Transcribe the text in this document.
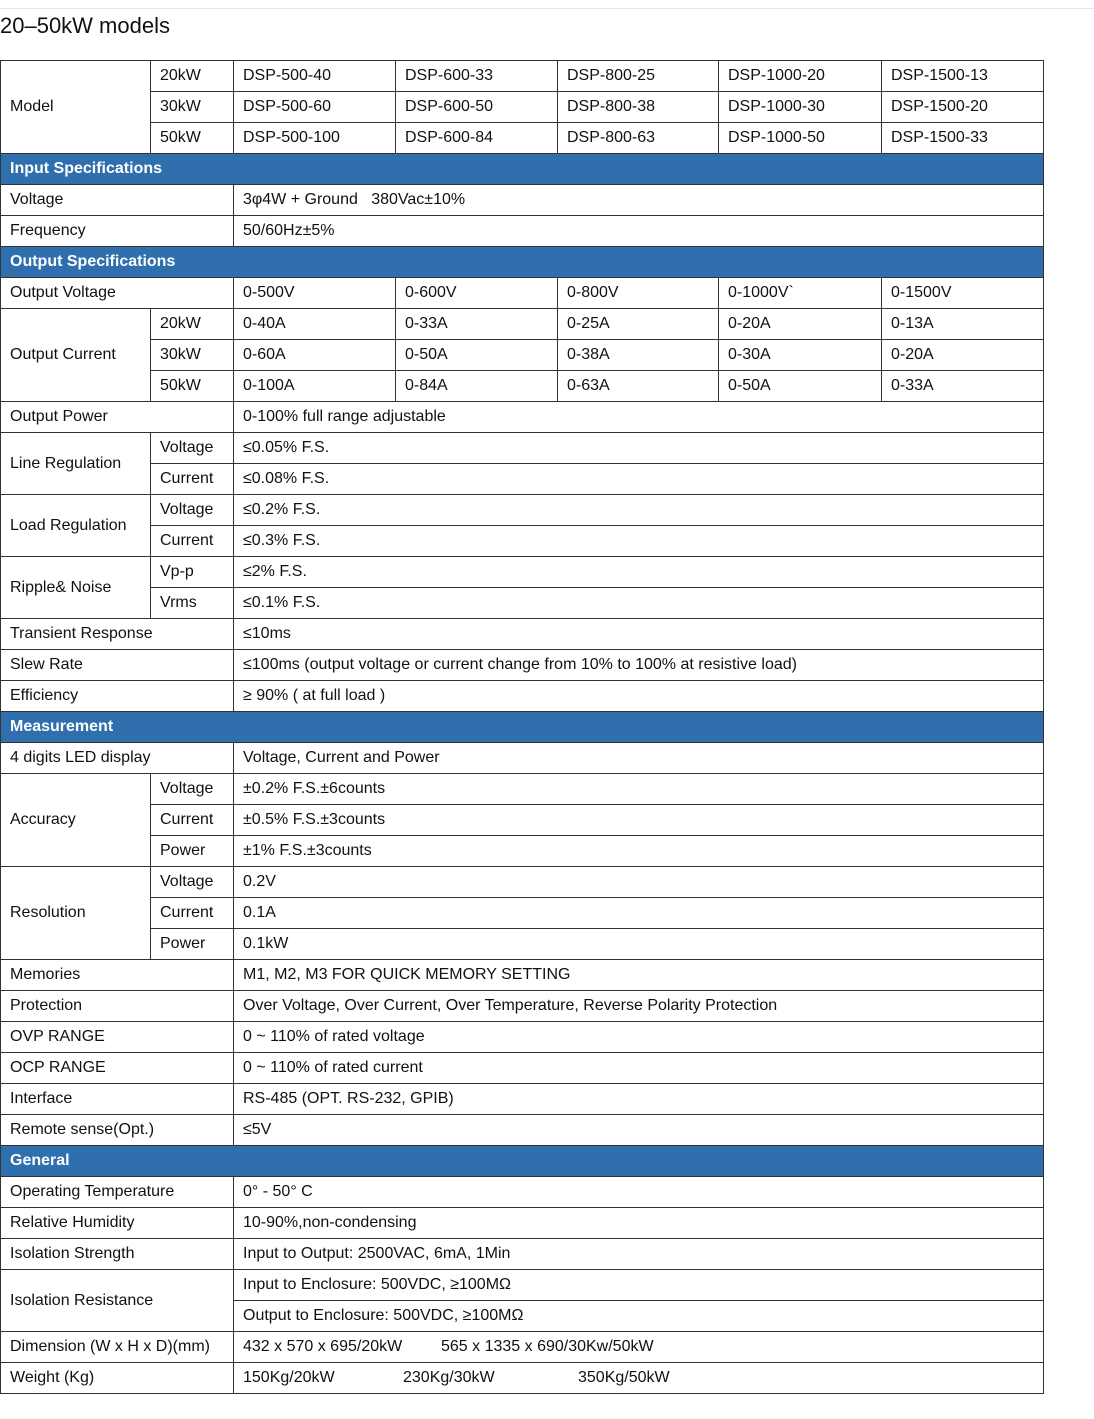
20–50kW models
Model	20kW	DSP-500-40	DSP-600-33	DSP-800-25	DSP-1000-20	DSP-1500-13
	30kW	DSP-500-60	DSP-600-50	DSP-800-38	DSP-1000-30	DSP-1500-20
	50kW	DSP-500-100	DSP-600-84	DSP-800-63	DSP-1000-50	DSP-1500-33
Input Specifications						
Voltage		3φ4W + Ground   380Vac±10%				
Frequency		50/60Hz±5%				
Output Specifications						
Output Voltage		0-500V	0-600V	0-800V	0-1000V`	0-1500V
Output Current	20kW	0-40A	0-33A	0-25A	0-20A	0-13A
	30kW	0-60A	0-50A	0-38A	0-30A	0-20A
	50kW	0-100A	0-84A	0-63A	0-50A	0-33A
Output Power		0-100% full range adjustable				
Line Regulation	Voltage	≤0.05% F.S.				
	Current	≤0.08% F.S.				
Load Regulation	Voltage	≤0.2% F.S.				
	Current	≤0.3% F.S.				
Ripple& Noise	Vp-p	≤2% F.S.				
	Vrms	≤0.1% F.S.				
Transient Response		≤10ms				
Slew Rate		≤100ms (output voltage or current change from 10% to 100% at resistive load)				
Efficiency		≥ 90% ( at full load )				
Measurement						
4 digits LED display		Voltage, Current and Power				
Accuracy	Voltage	±0.2% F.S.±6counts				
	Current	±0.5% F.S.±3counts				
	Power	±1% F.S.±3counts				
Resolution	Voltage	0.2V				
	Current	0.1A				
	Power	0.1kW				
Memories		M1, M2, M3 FOR QUICK MEMORY SETTING				
Protection		Over Voltage, Over Current, Over Temperature, Reverse Polarity Protection				
OVP RANGE		0 ~ 110% of rated voltage				
OCP RANGE		0 ~ 110% of rated current				
Interface		RS-485 (OPT. RS-232, GPIB)				
Remote sense(Opt.)		≤5V				
General						
Operating Temperature		0° - 50° C				
Relative Humidity		10-90%,non-condensing				
Isolation Strength		Input to Output: 2500VAC, 6mA, 1Min				
Isolation Resistance		Input to Enclosure: 500VDC, ≥100MΩ				
		Output to Enclosure: 500VDC, ≥100MΩ				
Dimension (W x H x D)(mm)		432 x 570 x 695/20kW 565 x 1335 x 690/30Kw/50kW				
Weight (Kg)		150Kg/20kW 230Kg/30kW 350Kg/50kW				
